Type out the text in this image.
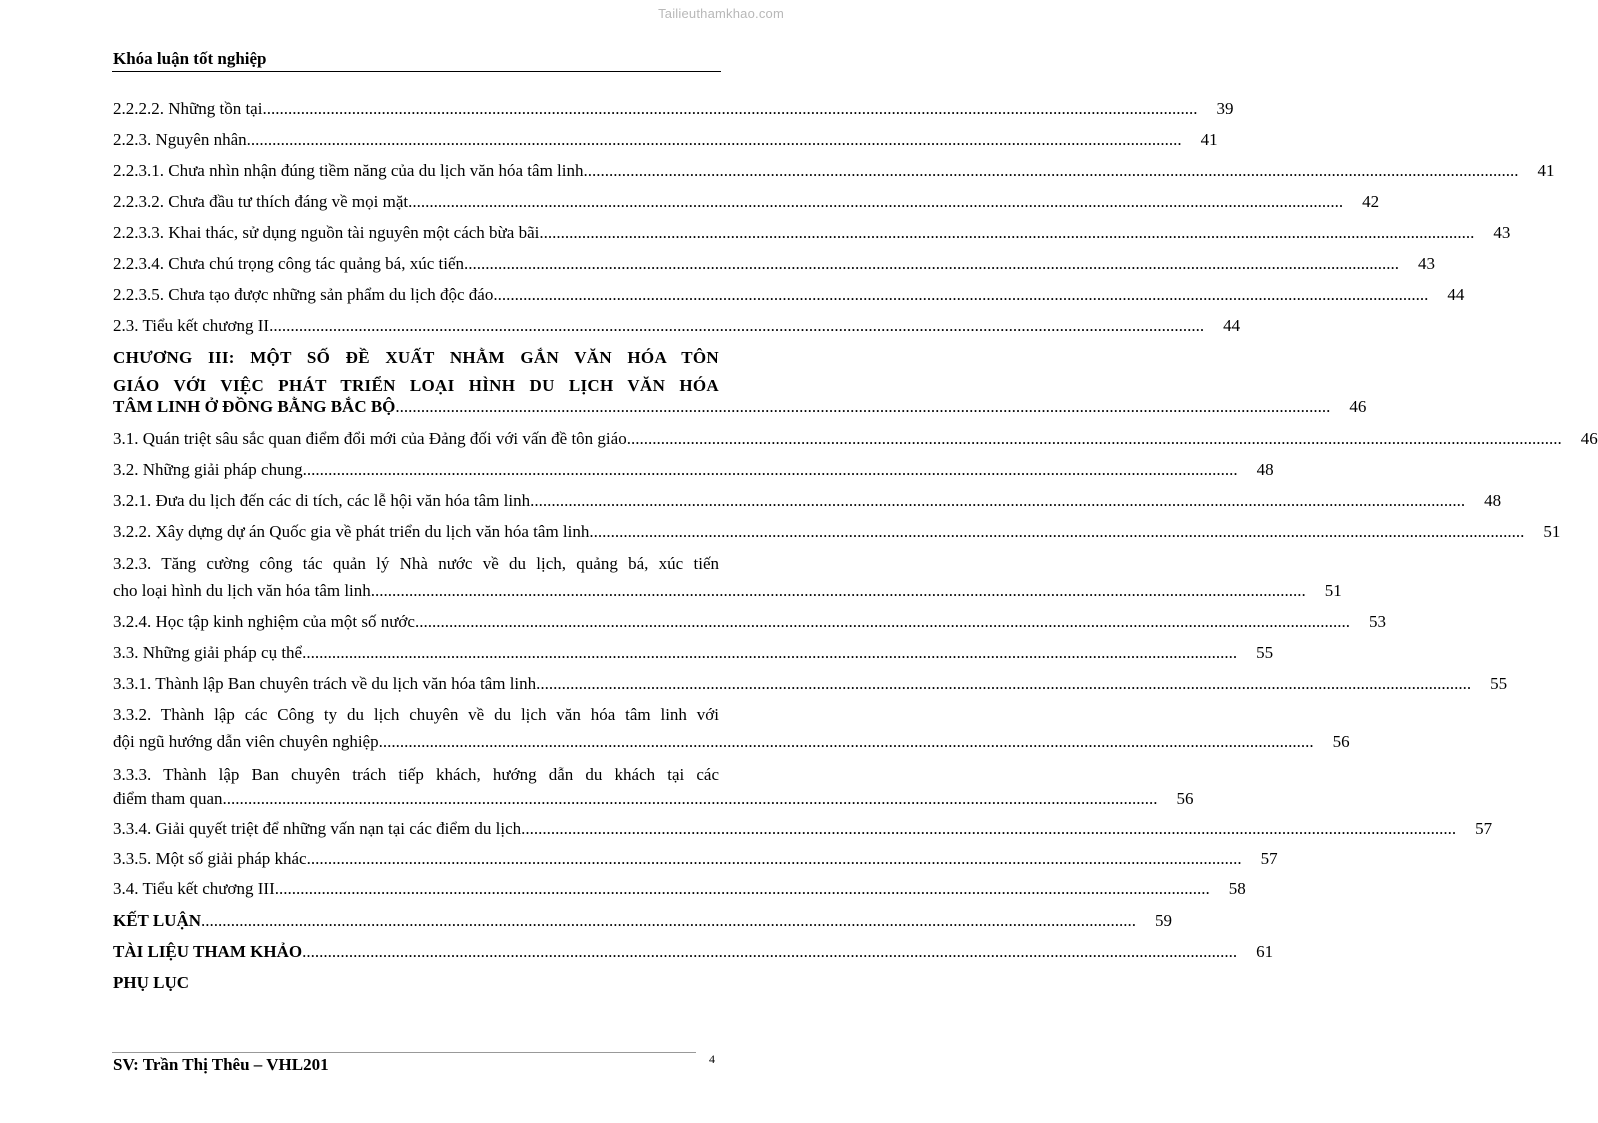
Tailieuthamkhao.com
Khóa luận tốt nghiệp
2.2.2.2. Những tồn tại ............................................................................................................................................................................................................................	39
2.2.3. Nguyên nhân ............................................................................................................................................................................................................................	41
2.2.3.1. Chưa nhìn nhận đúng tiềm năng của du lịch văn hóa tâm linh ............................................................................................................................................................................................................................	41
2.2.3.2. Chưa đầu tư thích đáng về mọi mặt ............................................................................................................................................................................................................................	42
2.2.3.3. Khai thác, sử dụng nguồn tài nguyên một cách bừa bãi ............................................................................................................................................................................................................................	43
2.2.3.4. Chưa chú trọng công tác quảng bá, xúc tiến ............................................................................................................................................................................................................................	43
2.2.3.5. Chưa tạo được những sản phẩm du lịch độc đáo ............................................................................................................................................................................................................................	44
2.3. Tiểu kết chương II ............................................................................................................................................................................................................................	44
CHƯƠNG III: MỘT SỐ ĐỀ XUẤT NHẰM GẮN VĂN HÓA TÔN
GIÁO VỚI VIỆC PHÁT TRIỂN LOẠI HÌNH DU LỊCH VĂN HÓA
TÂM LINH Ở ĐỒNG BẰNG BẮC BỘ ............................................................................................................................................................................................................................	46
3.1. Quán triệt sâu sắc quan điểm đổi mới của Đảng đối với vấn đề tôn giáo ............................................................................................................................................................................................................................	46
3.2. Những giải pháp chung ............................................................................................................................................................................................................................	48
3.2.1. Đưa du lịch đến các di tích, các lễ hội văn hóa tâm linh ............................................................................................................................................................................................................................	48
3.2.2. Xây dựng dự án Quốc gia về phát triển du lịch văn hóa tâm linh ............................................................................................................................................................................................................................	51
3.2.3. Tăng cường công tác quản lý Nhà nước về du lịch, quảng bá, xúc tiến
cho loại hình du lịch văn hóa tâm linh ............................................................................................................................................................................................................................	51
3.2.4. Học tập kinh nghiệm của một số nước ............................................................................................................................................................................................................................	53
3.3. Những giải pháp cụ thể ............................................................................................................................................................................................................................	55
3.3.1. Thành lập Ban chuyên trách về du lịch văn hóa tâm linh ............................................................................................................................................................................................................................	55
3.3.2. Thành lập các Công ty du lịch chuyên về du lịch văn hóa tâm linh với
đội ngũ hướng dẫn viên chuyên nghiệp ............................................................................................................................................................................................................................	56
3.3.3. Thành lập Ban chuyên trách tiếp khách, hướng dẫn du khách tại các
điểm tham quan ............................................................................................................................................................................................................................	56
3.3.4. Giải quyết triệt để những vấn nạn tại các điểm du lịch ............................................................................................................................................................................................................................	57
3.3.5. Một số giải pháp khác ............................................................................................................................................................................................................................	57
3.4. Tiểu kết chương III ............................................................................................................................................................................................................................	58
KẾT LUẬN ............................................................................................................................................................................................................................	59
TÀI LIỆU THAM KHẢO ............................................................................................................................................................................................................................	61
PHỤ LỤC
SV: Trần Thị Thêu – VHL201	4
